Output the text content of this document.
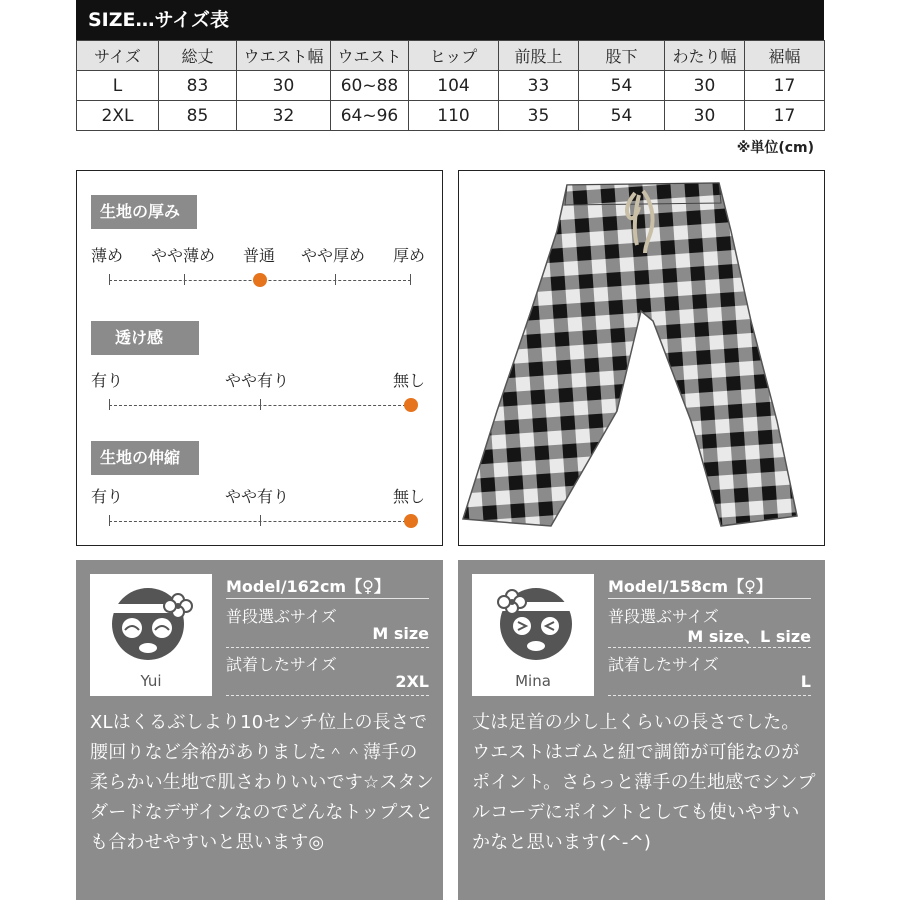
SIZE…サイズ表
サイズ	総丈	ウエスト幅	ウエスト	ヒップ	前股上	股下	わたり幅	裾幅
L	83	30	60~88	104	33	54	30	17
2XL	85	32	64~96	110	35	54	30	17
※単位(cm)
生地の厚み
薄め やや薄め 普通 やや厚め 厚め
透け感
有り	やや有り	無し
生地の伸縮
有り	やや有り	無し
Yui
Model/162cm【♀】
普段選ぶサイズ
M size
試着したサイズ
2XL
XLはくるぶしより10センチ位上の長さで腰回りなど余裕がありました＾＾薄手の柔らかい生地で肌さわりいいです☆スタンダードなデザインなのでどんなトップスとも合わせやすいと思います◎
Mina
Model/158cm【♀】
普段選ぶサイズ
M size、L size
試着したサイズ
L
丈は足首の少し上くらいの長さでした。ウエストはゴムと紐で調節が可能なのがポイント。さらっと薄手の生地感でシンプルコーデにポイントとしても使いやすいかなと思います(^-^)
